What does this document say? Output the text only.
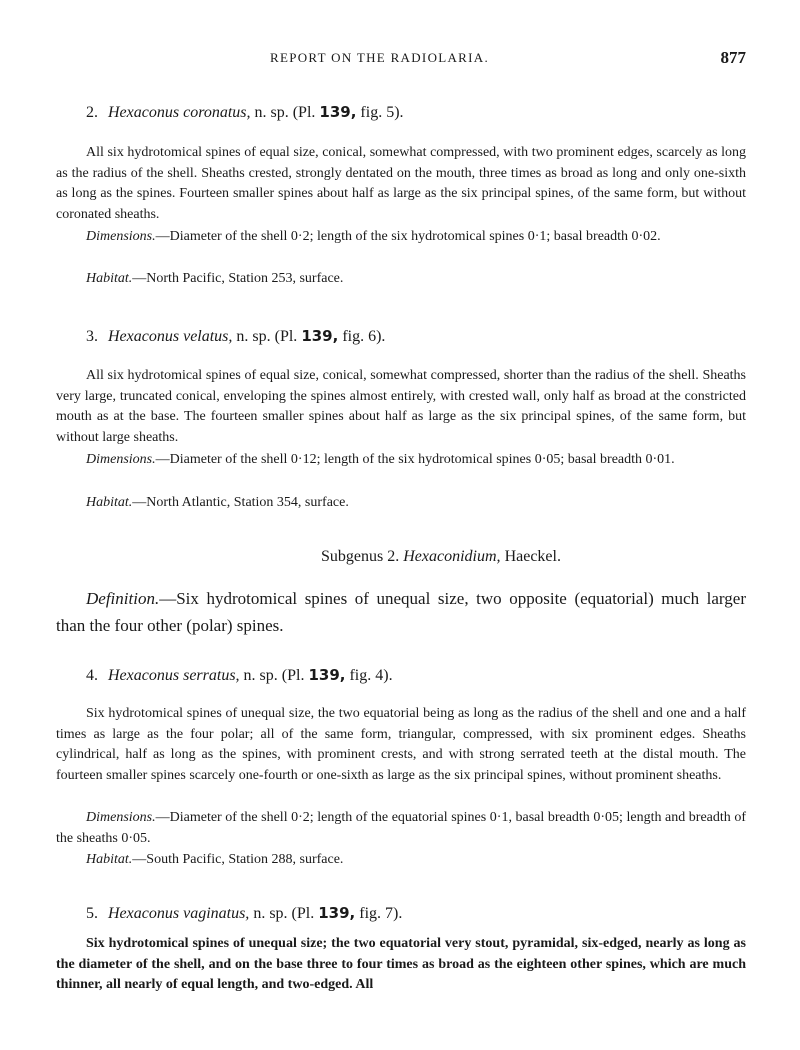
REPORT ON THE RADIOLARIA.	877
2. Hexaconus coronatus, n. sp. (Pl. 139, fig. 5).
All six hydrotomical spines of equal size, conical, somewhat compressed, with two prominent edges, scarcely as long as the radius of the shell. Sheaths crested, strongly dentated on the mouth, three times as broad as long and only one-sixth as long as the spines. Fourteen smaller spines about half as large as the six principal spines, of the same form, but without coronated sheaths.
Dimensions.—Diameter of the shell 0·2; length of the six hydrotomical spines 0·1; basal breadth 0·02.
Habitat.—North Pacific, Station 253, surface.
3. Hexaconus velatus, n. sp. (Pl. 139, fig. 6).
All six hydrotomical spines of equal size, conical, somewhat compressed, shorter than the radius of the shell. Sheaths very large, truncated conical, enveloping the spines almost entirely, with crested wall, only half as broad at the constricted mouth as at the base. The fourteen smaller spines about half as large as the six principal spines, of the same form, but without large sheaths.
Dimensions.—Diameter of the shell 0·12; length of the six hydrotomical spines 0·05; basal breadth 0·01.
Habitat.—North Atlantic, Station 354, surface.
Subgenus 2. Hexaconidium, Haeckel.
Definition.—Six hydrotomical spines of unequal size, two opposite (equatorial) much larger than the four other (polar) spines.
4. Hexaconus serratus, n. sp. (Pl. 139, fig. 4).
Six hydrotomical spines of unequal size, the two equatorial being as long as the radius of the shell and one and a half times as large as the four polar; all of the same form, triangular, compressed, with six prominent edges. Sheaths cylindrical, half as long as the spines, with prominent crests, and with strong serrated teeth at the distal mouth. The fourteen smaller spines scarcely one-fourth or one-sixth as large as the six principal spines, without prominent sheaths.
Dimensions.—Diameter of the shell 0·2; length of the equatorial spines 0·1, basal breadth 0·05; length and breadth of the sheaths 0·05.
Habitat.—South Pacific, Station 288, surface.
5. Hexaconus vaginatus, n. sp. (Pl. 139, fig. 7).
Six hydrotomical spines of unequal size; the two equatorial very stout, pyramidal, six-edged, nearly as long as the diameter of the shell, and on the base three to four times as broad as the eighteen other spines, which are much thinner, all nearly of equal length, and two-edged. All
